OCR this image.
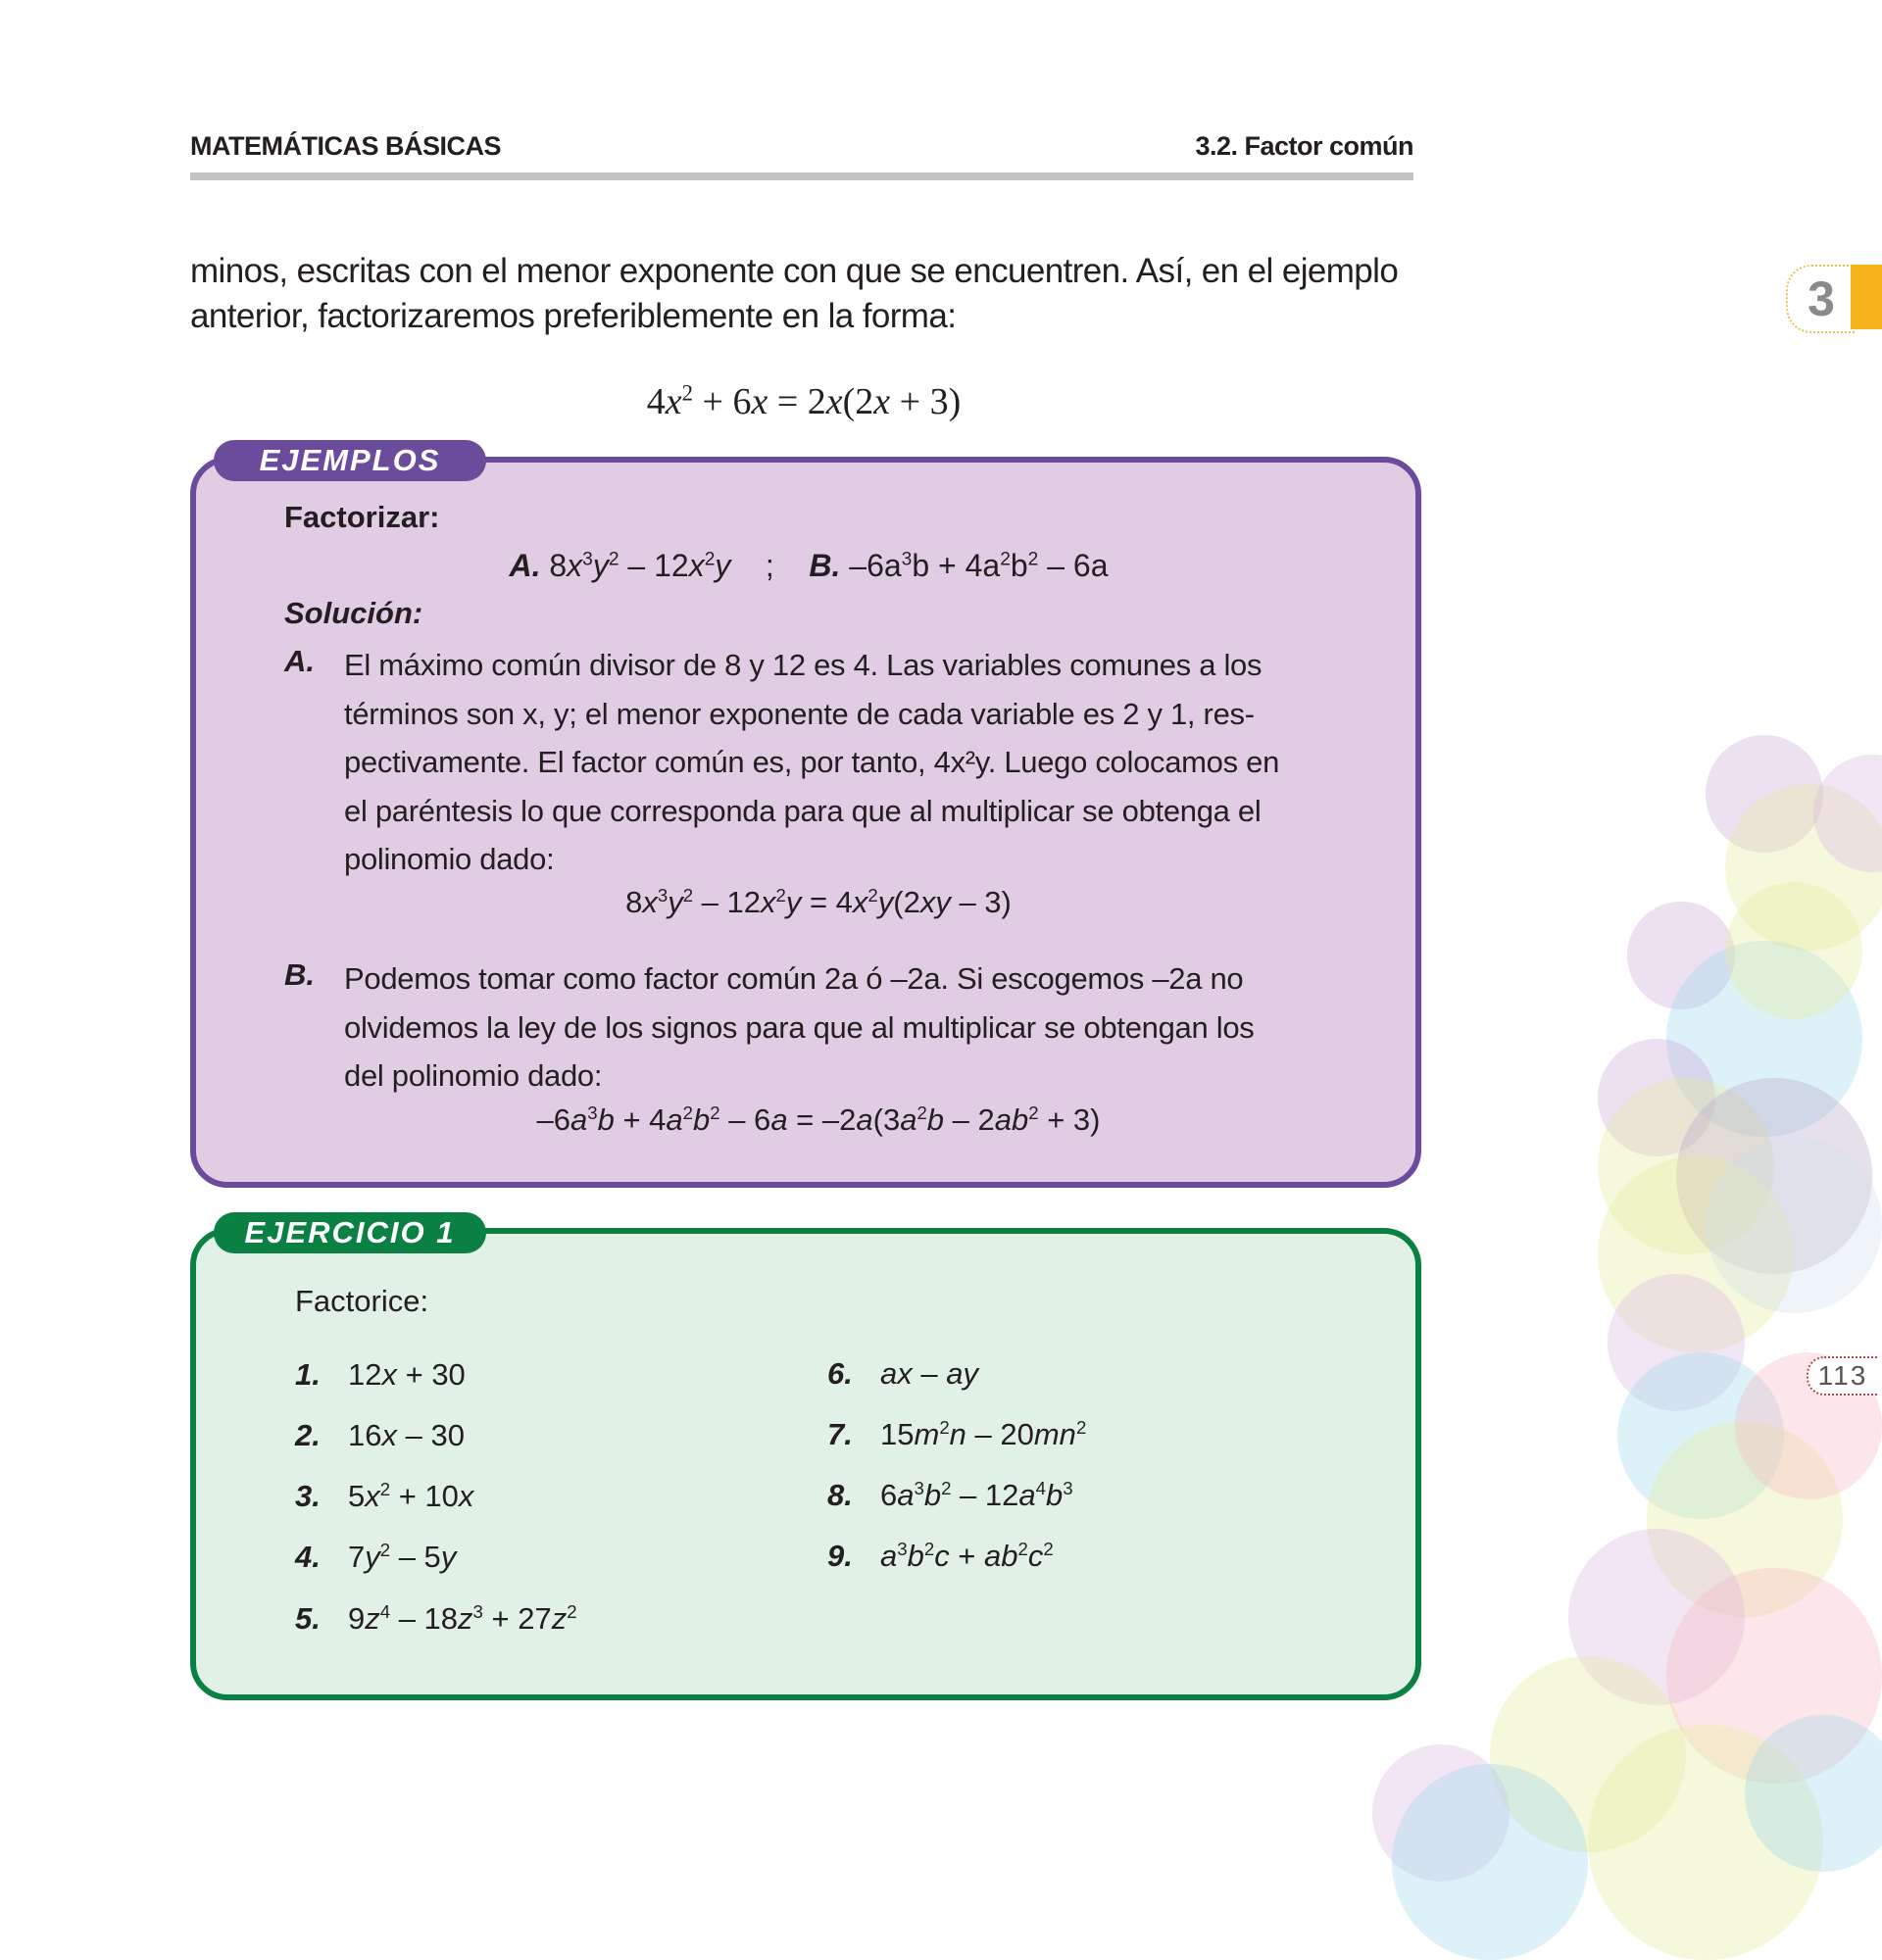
MATEMÁTICAS BÁSICAS	3.2. Factor común
3
minos, escritas con el menor exponente con que se encuentren. Así, en el ejemplo
anterior, factorizaremos preferiblemente en la forma:
$4x^2 + 6x = 2x(2x + 3)$
EJEMPLOS
Factorizar:
A. $8x^3y^2 - 12x^2y$ ; B. $-6a^3b + 4a^2b^2 - 6a$
Solución:
A. El máximo común divisor de 8 y 12 es 4. Las variables comunes a los
términos son x, y; el menor exponente de cada variable es 2 y 1, res-
pectivamente. El factor común es, por tanto, 4x²y. Luego colocamos en
el paréntesis lo que corresponda para que al multiplicar se obtenga el
polinomio dado:
$8x^3y^2 - 12x^2y = 4x^2y(2xy - 3)$
B. Podemos tomar como factor común 2a ó –2a. Si escogemos –2a no
olvidemos la ley de los signos para que al multiplicar se obtengan los
del polinomio dado:
$-6a^3b + 4a^2b^2 - 6a = -2a(3a^2b - 2ab^2 + 3)$
EJERCICIO 1
Factorice:
1. 12x + 30
2. 16x – 30
3. $5x^2 + 10x$
4. $7y^2 - 5y$
5. $9z^4 - 18z^3 + 27z^2$
6. ax – ay
7. $15m^2n - 20mn^2$
8. $6a^3b^2 - 12a^4b^3$
9. $a^3b^2c + ab^2c^2$
113
